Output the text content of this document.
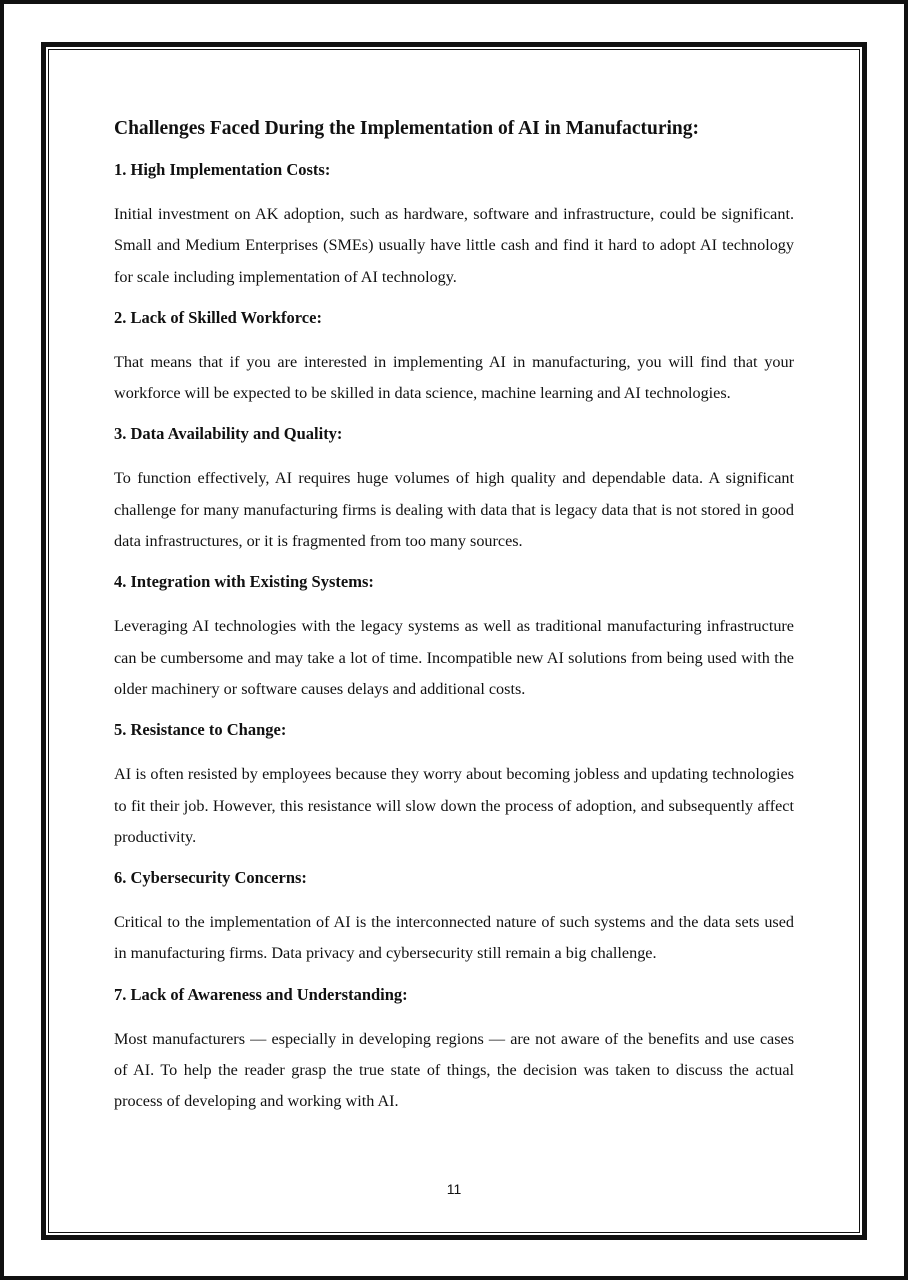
Challenges Faced During the Implementation of AI in Manufacturing:
1. High Implementation Costs:

Initial investment on AK adoption, such as hardware, software and infrastructure, could be significant. Small and Medium Enterprises (SMEs) usually have little cash and find it hard to adopt AI technology for scale including implementation of AI technology.

2. Lack of Skilled Workforce:

That means that if you are interested in implementing AI in manufacturing, you will find that your workforce will be expected to be skilled in data science, machine learning and AI technologies.

3. Data Availability and Quality:

To function effectively, AI requires huge volumes of high quality and dependable data. A significant challenge for many manufacturing firms is dealing with data that is legacy data that is not stored in good data infrastructures, or it is fragmented from too many sources.

4. Integration with Existing Systems:

Leveraging AI technologies with the legacy systems as well as traditional manufacturing infrastructure can be cumbersome and may take a lot of time. Incompatible new AI solutions from being used with the older machinery or software causes delays and additional costs.

5. Resistance to Change:

AI is often resisted by employees because they worry about becoming jobless and updating technologies to fit their job. However, this resistance will slow down the process of adoption, and subsequently affect productivity.

6. Cybersecurity Concerns:

Critical to the implementation of AI is the interconnected nature of such systems and the data sets used in manufacturing firms. Data privacy and cybersecurity still remain a big challenge.

7. Lack of Awareness and Understanding:

Most manufacturers — especially in developing regions — are not aware of the benefits and use cases of AI. To help the reader grasp the true state of things, the decision was taken to discuss the actual process of developing and working with AI.

11
